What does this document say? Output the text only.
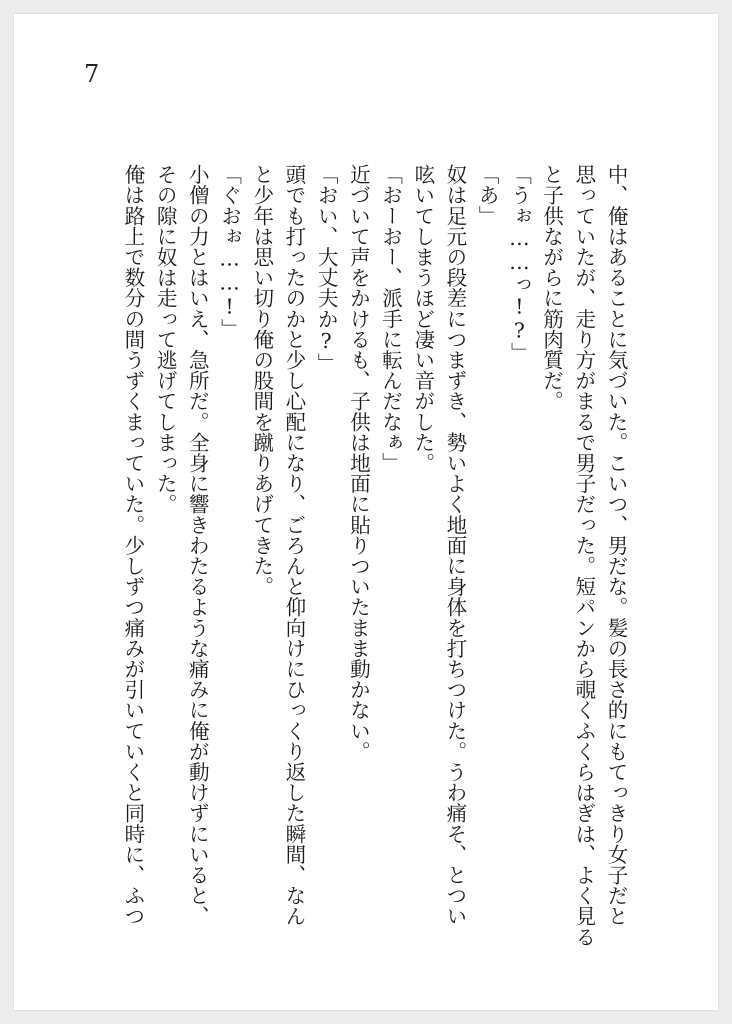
7

中、俺はあることに気づいた。こいつ、男だな。髪の長さ的にもてっきり女子だと

思っていたが、走り方がまるで男子だった。短パンから覗くふくらはぎは、よく見る

と子供ながらに筋肉質だ。

「うぉ……っ!?」

「あ」

奴は足元の段差につまずき、勢いよく地面に身体を打ちつけた。うわ痛そ、とつい

呟いてしまうほど凄い音がした。

「おーおー、派手に転んだなぁ」

近づいて声をかけるも、子供は地面に貼りついたまま動かない。

「おい、大丈夫か?」

頭でも打ったのかと少し心配になり、ごろんと仰向けにひっくり返した瞬間、なん

と少年は思い切り俺の股間を蹴りあげてきた。

「ぐおぉ……!」

小僧の力とはいえ、急所だ。全身に響きわたるような痛みに俺が動けずにいると、

その隙に奴は走って逃げてしまった。

俺は路上で数分の間うずくまっていた。少しずつ痛みが引いていくと同時に、ふつ
